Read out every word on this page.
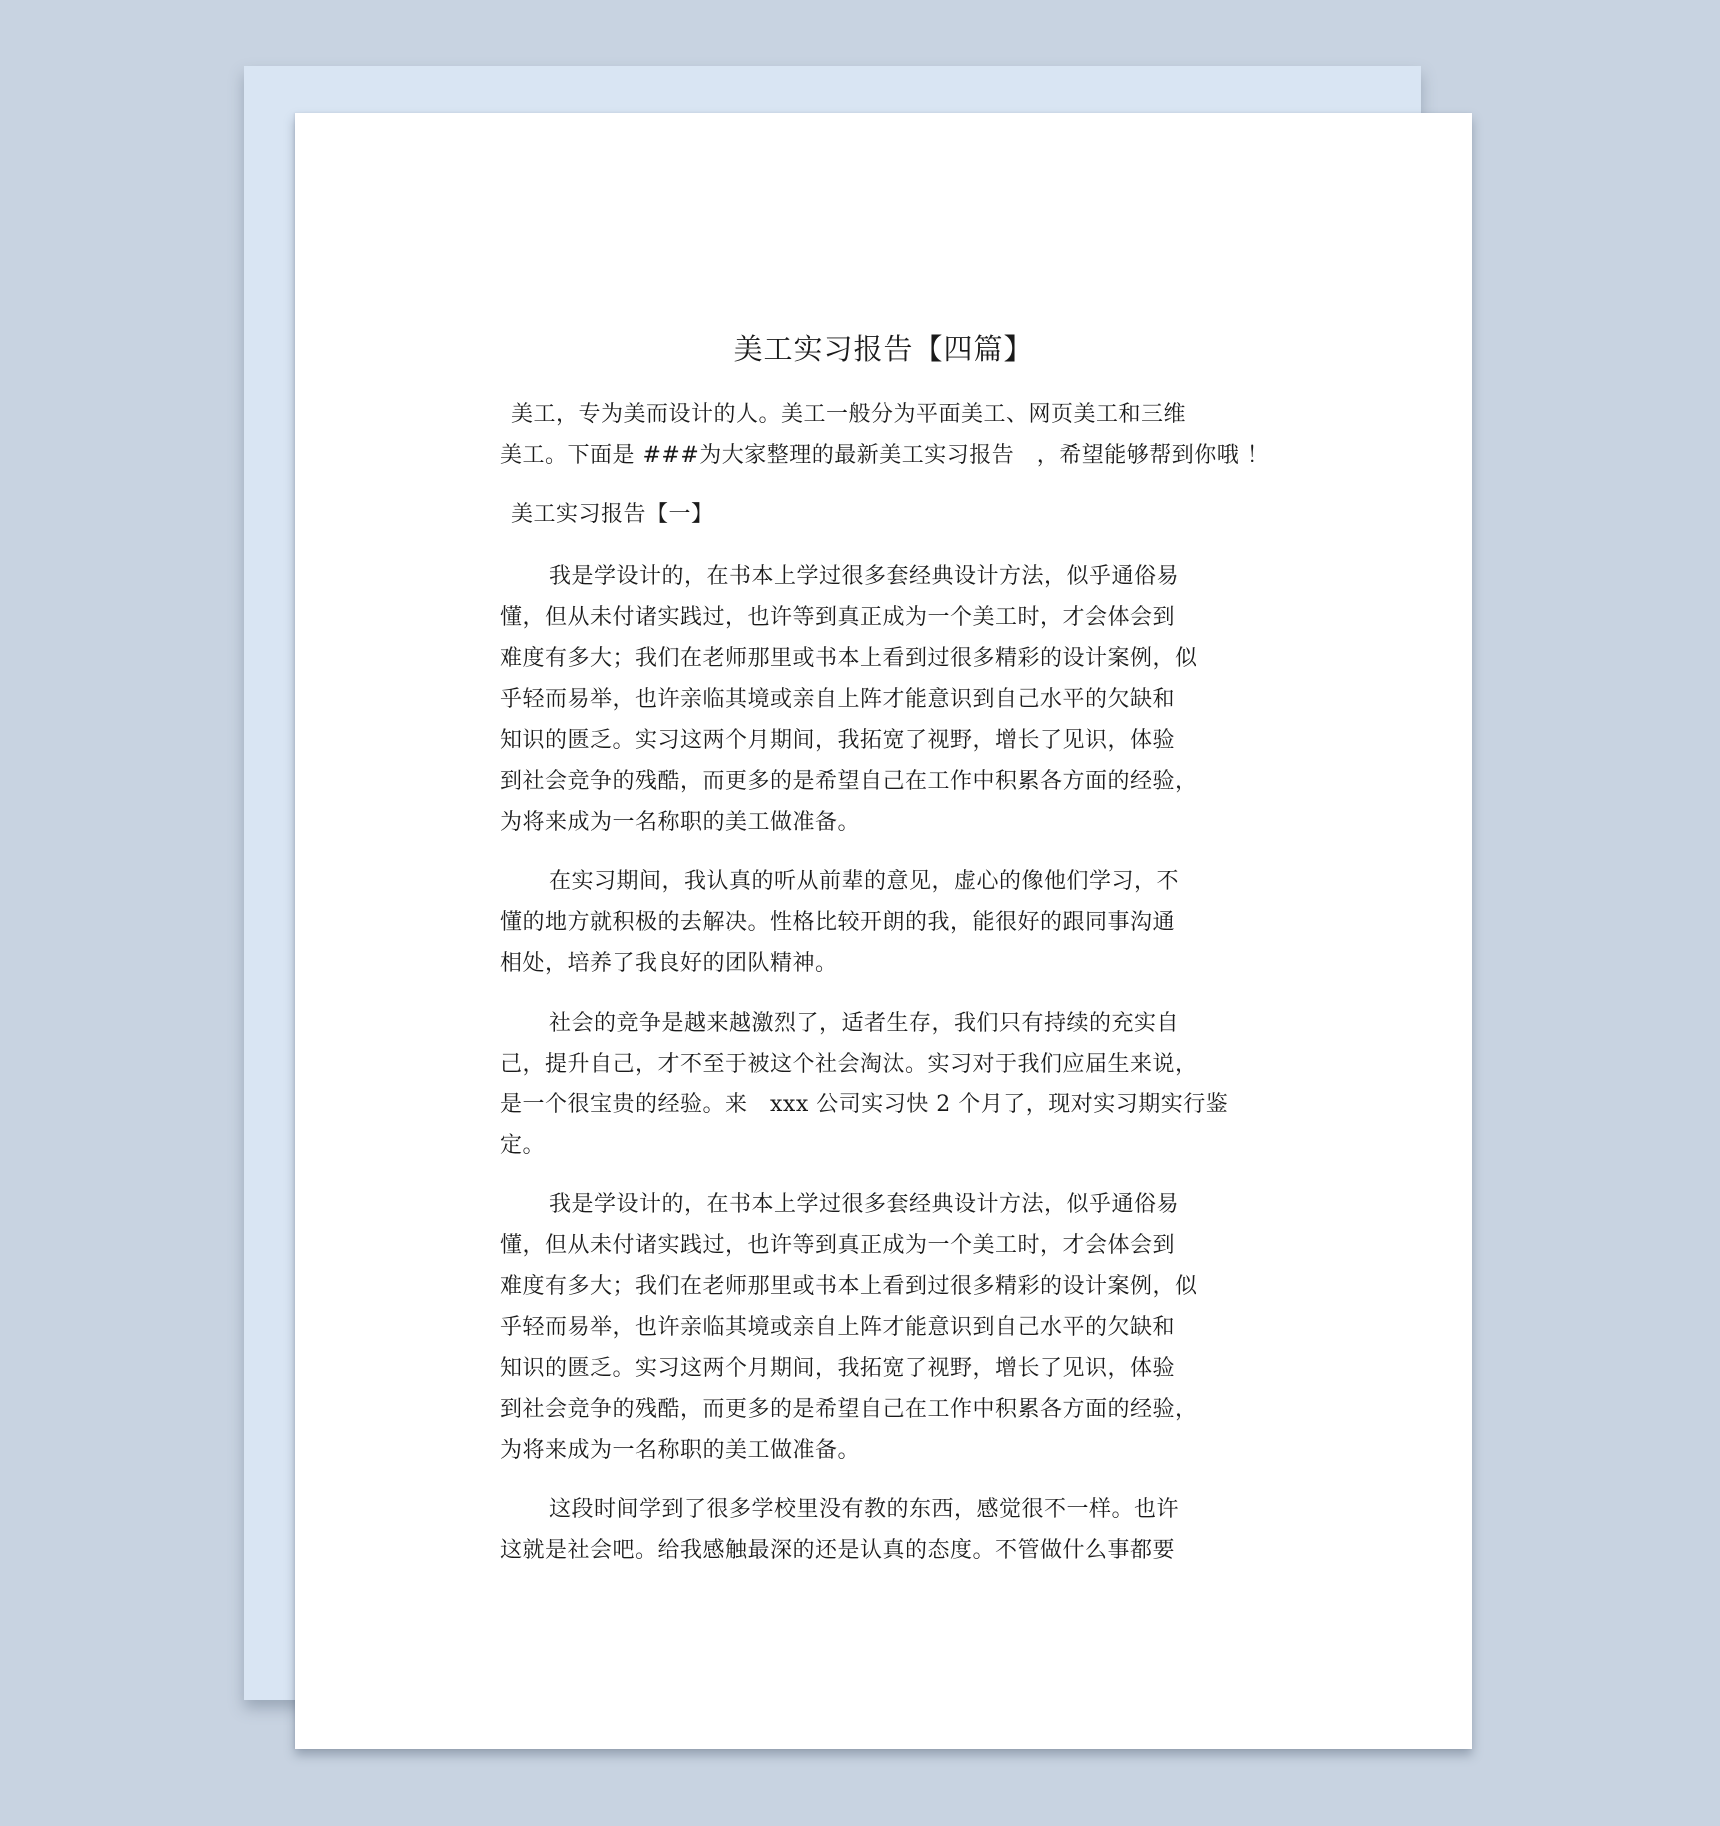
美工实习报告【四篇】
美工，专为美而设计的人。美工一般分为平面美工、网页美工和三维
美工。下面是 ###为大家整理的最新美工实习报告　，希望能够帮到你哦 ！
美工实习报告【一】
我是学设计的，在书本上学过很多套经典设计方法，似乎通俗易
懂，但从未付诸实践过，也许等到真正成为一个美工时，才会体会到
难度有多大；我们在老师那里或书本上看到过很多精彩的设计案例，似
乎轻而易举，也许亲临其境或亲自上阵才能意识到自己水平的欠缺和
知识的匮乏。实习这两个月期间，我拓宽了视野，增长了见识，体验
到社会竞争的残酷，而更多的是希望自己在工作中积累各方面的经验，
为将来成为一名称职的美工做准备。
在实习期间，我认真的听从前辈的意见，虚心的像他们学习，不
懂的地方就积极的去解决。性格比较开朗的我，能很好的跟同事沟通
相处，培养了我良好的团队精神。
社会的竞争是越来越激烈了，适者生存，我们只有持续的充实自
己，提升自己，才不至于被这个社会淘汰。实习对于我们应届生来说，
是一个很宝贵的经验。来　xxx 公司实习快 2 个月了，现对实习期实行鉴
定。
我是学设计的，在书本上学过很多套经典设计方法，似乎通俗易
懂，但从未付诸实践过，也许等到真正成为一个美工时，才会体会到
难度有多大；我们在老师那里或书本上看到过很多精彩的设计案例，似
乎轻而易举，也许亲临其境或亲自上阵才能意识到自己水平的欠缺和
知识的匮乏。实习这两个月期间，我拓宽了视野，增长了见识，体验
到社会竞争的残酷，而更多的是希望自己在工作中积累各方面的经验，
为将来成为一名称职的美工做准备。
这段时间学到了很多学校里没有教的东西，感觉很不一样。也许
这就是社会吧。给我感触最深的还是认真的态度。不管做什么事都要
